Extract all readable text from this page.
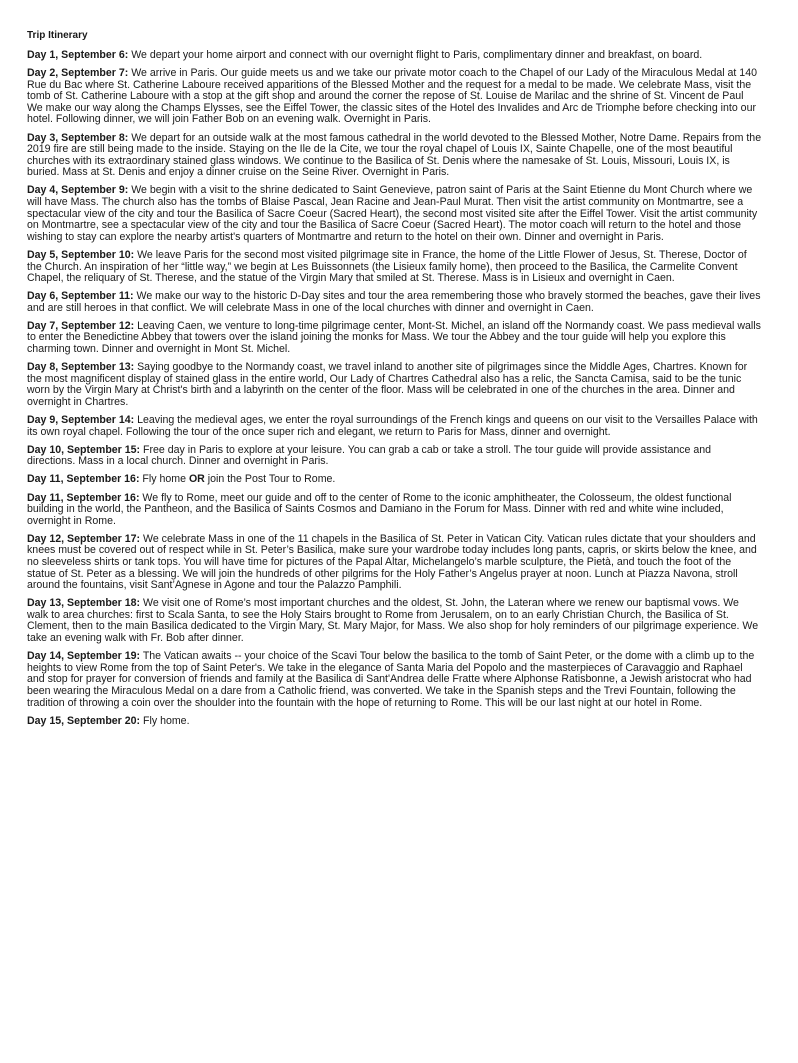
Trip Itinerary

Day 1, September 6: We depart your home airport and connect with our overnight flight to Paris, complimentary dinner and breakfast, on board.

Day 2, September 7: We arrive in Paris. Our guide meets us and we take our private motor coach to the Chapel of our Lady of the Miraculous Medal at 140 Rue du Bac where St. Catherine Laboure received apparitions of the Blessed Mother and the request for a medal to be made. We celebrate Mass, visit the tomb of St. Catherine Laboure with a stop at the gift shop and around the corner the repose of St. Louise de Marilac and the shrine of St. Vincent de Paul We make our way along the Champs Elysses, see the Eiffel Tower, the classic sites of the Hotel des Invalides and Arc de Triomphe before checking into our hotel. Following dinner, we will join Father Bob on an evening walk. Overnight in Paris.

Day 3, September 8: We depart for an outside walk at the most famous cathedral in the world devoted to the Blessed Mother, Notre Dame. Repairs from the 2019 fire are still being made to the inside. Staying on the Ile de la Cite, we tour the royal chapel of Louis IX, Sainte Chapelle, one of the most beautiful churches with its extraordinary stained glass windows. We continue to the Basilica of St. Denis where the namesake of St. Louis, Missouri, Louis IX, is buried. Mass at St. Denis and enjoy a dinner cruise on the Seine River. Overnight in Paris.

Day 4, September 9: We begin with a visit to the shrine dedicated to Saint Genevieve, patron saint of Paris at the Saint Etienne du Mont Church where we will have Mass. The church also has the tombs of Blaise Pascal, Jean Racine and Jean-Paul Murat. Then visit the artist community on Montmartre, see a spectacular view of the city and tour the Basilica of Sacre Coeur (Sacred Heart), the second most visited site after the Eiffel Tower. Visit the artist community on Montmartre, see a spectacular view of the city and tour the Basilica of Sacre Coeur (Sacred Heart). The motor coach will return to the hotel and those wishing to stay can explore the nearby artist's quarters of Montmartre and return to the hotel on their own. Dinner and overnight in Paris.

Day 5, September 10: We leave Paris for the second most visited pilgrimage site in France, the home of the Little Flower of Jesus, St. Therese, Doctor of the Church. An inspiration of her “little way,” we begin at Les Buissonnets (the Lisieux family home), then proceed to the Basilica, the Carmelite Convent Chapel, the reliquary of St. Therese, and the statue of the Virgin Mary that smiled at St. Therese. Mass is in Lisieux and overnight in Caen.

Day 6, September 11: We make our way to the historic D-Day sites and tour the area remembering those who bravely stormed the beaches, gave their lives and are still heroes in that conflict. We will celebrate Mass in one of the local churches with dinner and overnight in Caen.

Day 7, September 12: Leaving Caen, we venture to long-time pilgrimage center, Mont-St. Michel, an island off the Normandy coast. We pass medieval walls to enter the Benedictine Abbey that towers over the island joining the monks for Mass. We tour the Abbey and the tour guide will help you explore this charming town. Dinner and overnight in Mont St. Michel.

Day 8, September 13: Saying goodbye to the Normandy coast, we travel inland to another site of pilgrimages since the Middle Ages, Chartres. Known for the most magnificent display of stained glass in the entire world, Our Lady of Chartres Cathedral also has a relic, the Sancta Camisa, said to be the tunic worn by the Virgin Mary at Christ's birth and a labyrinth on the center of the floor. Mass will be celebrated in one of the churches in the area. Dinner and overnight in Chartres.

Day 9, September 14: Leaving the medieval ages, we enter the royal surroundings of the French kings and queens on our visit to the Versailles Palace with its own royal chapel. Following the tour of the once super rich and elegant, we return to Paris for Mass, dinner and overnight.

Day 10, September 15: Free day in Paris to explore at your leisure. You can grab a cab or take a stroll. The tour guide will provide assistance and directions. Mass in a local church. Dinner and overnight in Paris.

Day 11, September 16: Fly home OR join the Post Tour to Rome.

Day 11, September 16: We fly to Rome, meet our guide and off to the center of Rome to the iconic amphitheater, the Colosseum, the oldest functional building in the world, the Pantheon, and the Basilica of Saints Cosmos and Damiano in the Forum for Mass. Dinner with red and white wine included, overnight in Rome.

Day 12, September 17: We celebrate Mass in one of the 11 chapels in the Basilica of St. Peter in Vatican City. Vatican rules dictate that your shoulders and knees must be covered out of respect while in St. Peter’s Basilica, make sure your wardrobe today includes long pants, capris, or skirts below the knee, and no sleeveless shirts or tank tops. You will have time for pictures of the Papal Altar, Michelangelo’s marble sculpture, the Pietà, and touch the foot of the statue of St. Peter as a blessing. We will join the hundreds of other pilgrims for the Holy Father’s Angelus prayer at noon. Lunch at Piazza Navona, stroll around the fountains, visit Sant’Agnese in Agone and tour the Palazzo Pamphili.

Day 13, September 18: We visit one of Rome’s most important churches and the oldest, St. John, the Lateran where we renew our baptismal vows. We walk to area churches: first to Scala Santa, to see the Holy Stairs brought to Rome from Jerusalem, on to an early Christian Church, the Basilica of St. Clement, then to the main Basilica dedicated to the Virgin Mary, St. Mary Major, for Mass. We also shop for holy reminders of our pilgrimage experience. We take an evening walk with Fr. Bob after dinner.

Day 14, September 19: The Vatican awaits -- your choice of the Scavi Tour below the basilica to the tomb of Saint Peter, or the dome with a climb up to the heights to view Rome from the top of Saint Peter's. We take in the elegance of Santa Maria del Popolo and the masterpieces of Caravaggio and Raphael and stop for prayer for conversion of friends and family at the Basilica di Sant'Andrea delle Fratte where Alphonse Ratisbonne, a Jewish aristocrat who had been wearing the Miraculous Medal on a dare from a Catholic friend, was converted. We take in the Spanish steps and the Trevi Fountain, following the tradition of throwing a coin over the shoulder into the fountain with the hope of returning to Rome. This will be our last night at our hotel in Rome.

Day 15, September 20: Fly home.
